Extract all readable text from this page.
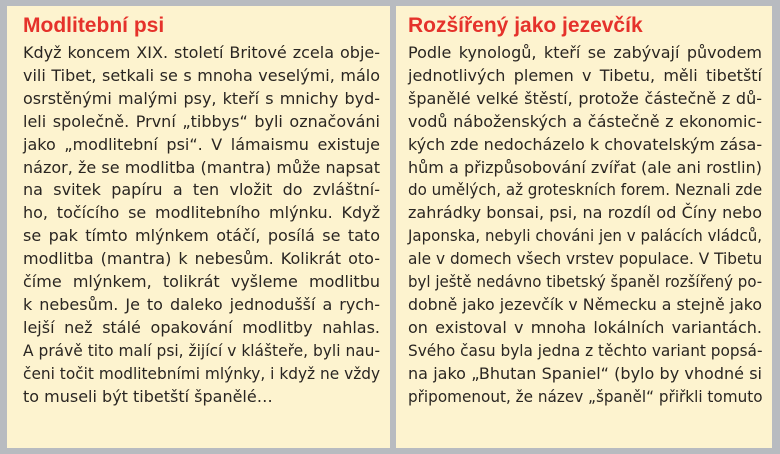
Modlitební psi
Když koncem XIX. století Britové zcela obje-
vili Tibet, setkali se s mnoha veselými, málo
osrstěnými malými psy, kteří s mnichy byd-
leli společně. První „tibbys“ byli označováni
jako „modlitební psi“. V lámaismu existuje
názor, že se modlitba (mantra) může napsat
na svitek papíru a ten vložit do zvláštní-
ho, točícího se modlitebního mlýnku. Když
se pak tímto mlýnkem otáčí, posílá se tato
modlitba (mantra) k nebesům. Kolikrát oto-
číme mlýnkem, tolikrát vyšleme modlitbu
k nebesům. Je to daleko jednodušší a rych-
lejší než stálé opakování modlitby nahlas.
A právě tito malí psi, žijící v klášteře, byli nau-
čeni točit modlitebními mlýnky, i když ne vždy
to museli být tibetští španělé…
Rozšířený jako jezevčík
Podle kynologů, kteří se zabývají původem
jednotlivých plemen v Tibetu, měli tibetští
španělé velké štěstí, protože částečně z dů-
vodů náboženských a částečně z ekonomic-
kých zde nedocházelo k chovatelským zása-
hům a přizpůsobování zvířat (ale ani rostlin)
do umělých, až groteskních forem. Neznali zde
zahrádky bonsai, psi, na rozdíl od Číny nebo
Japonska, nebyli chováni jen v palácích vládců,
ale v domech všech vrstev populace. V Tibetu
byl ještě nedávno tibetský španěl rozšířený po-
dobně jako jezevčík v Německu a stejně jako
on existoval v mnoha lokálních variantách.
Svého času byla jedna z těchto variant popsá-
na jako „Bhutan Spaniel“ (bylo by vhodné si
připomenout, že název „španěl“ přiřkli tomuto
